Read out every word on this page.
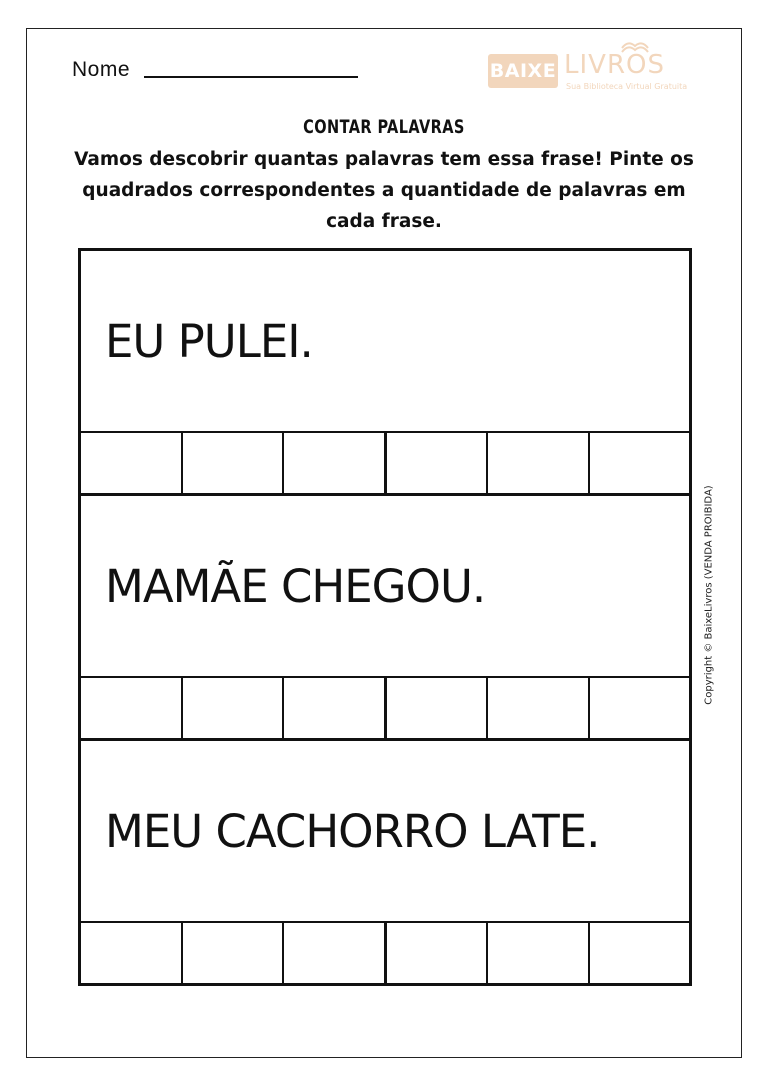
Nome	BAIXE LIVROS
Sua Biblioteca Virtual Gratuita
CONTAR PALAVRAS
Vamos descobrir quantas palavras tem essa frase! Pinte os quadrados correspondentes a quantidade de palavras em cada frase.
EU PULEI.
MAMÃE CHEGOU.
MEU CACHORRO LATE.
Copyright © BaixeLivros (VENDA PROIBIDA)
